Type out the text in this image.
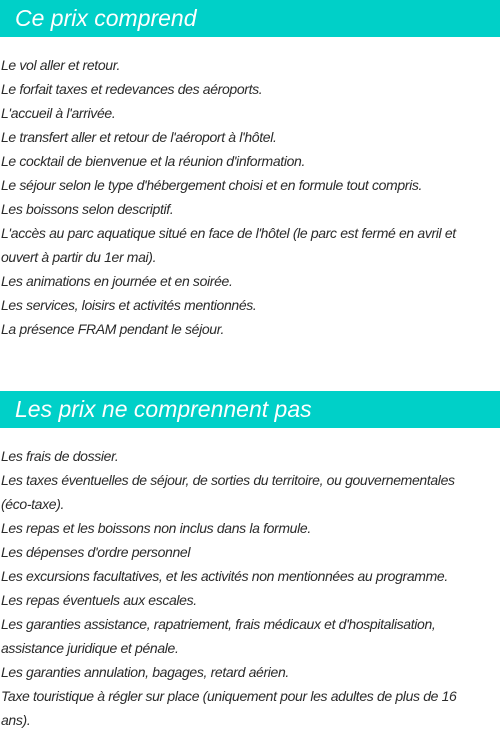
Ce prix comprend
Le vol aller et retour.
Le forfait taxes et redevances des aéroports.
L'accueil à l'arrivée.
Le transfert aller et retour de l'aéroport à l'hôtel.
Le cocktail de bienvenue et la réunion d'information.
Le séjour selon le type d'hébergement choisi et en formule tout compris.
Les boissons selon descriptif.
L'accès au parc aquatique situé en face de l'hôtel (le parc est fermé en avril et ouvert à partir du 1er mai).
Les animations en journée et en soirée.
Les services, loisirs et activités mentionnés.
La présence FRAM pendant le séjour.
Les prix ne comprennent pas
Les frais de dossier.
Les taxes éventuelles de séjour, de sorties du territoire, ou gouvernementales (éco-taxe).
Les repas et les boissons non inclus dans la formule.
Les dépenses d'ordre personnel
Les excursions facultatives, et les activités non mentionnées au programme.
Les repas éventuels aux escales.
Les garanties assistance, rapatriement, frais médicaux et d'hospitalisation, assistance juridique et pénale.
Les garanties annulation, bagages, retard aérien.
Taxe touristique à régler sur place (uniquement pour les adultes de plus de 16 ans).
